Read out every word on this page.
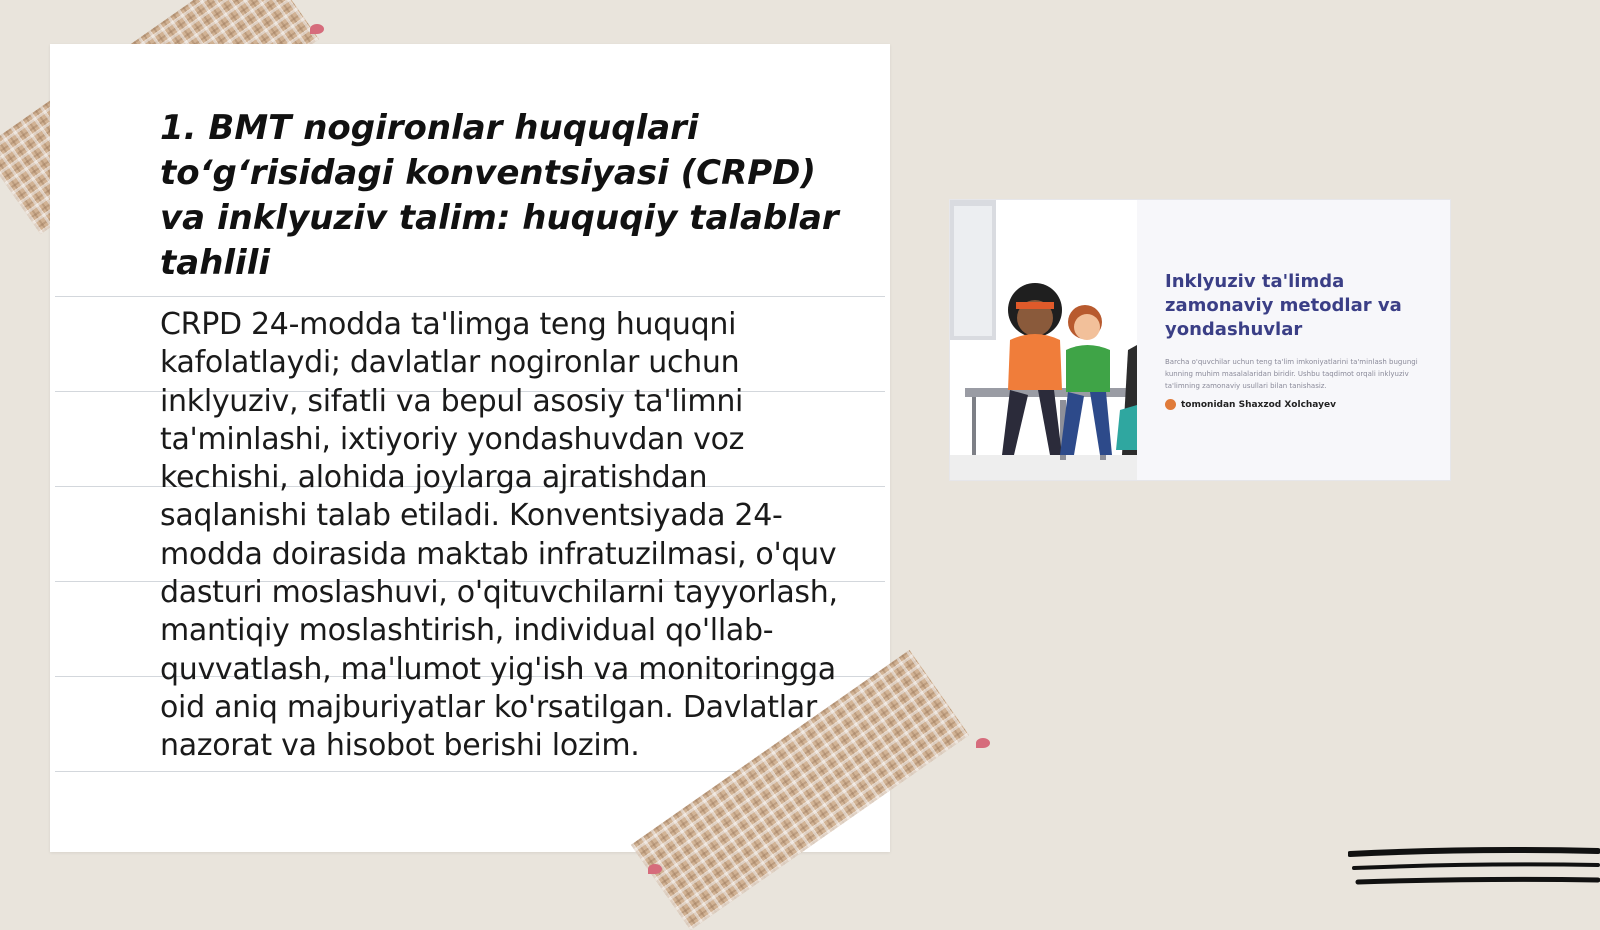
1. BMT nogironlar huquqlari to‘g‘risidagi konventsiyasi (CRPD) va inklyuziv talim: huquqiy talablar tahlili

CRPD 24-modda ta'limga teng huquqni kafolatlaydi; davlatlar nogironlar uchun inklyuziv, sifatli va bepul asosiy ta'limni ta'minlashi, ixtiyoriy yondashuvdan voz kechishi, alohida joylarga ajratishdan saqlanishi talab etiladi. Konventsiyada 24-modda doirasida maktab infratuzilmasi, o'quv dasturi moslashuvi, o'qituvchilarni tayyorlash, mantiqiy moslashtirish, individual qo'llab-quvvatlash, ma'lumot yig'ish va monitoringga oid aniq majburiyatlar ko'rsatilgan. Davlatlar nazorat va hisobot berishi lozim.

Inklyuziv ta'limda zamonaviy metodlar va yondashuvlar

Barcha o'quvchilar uchun teng ta'lim imkoniyatlarini ta'minlash bugungi kunning muhim masalalaridan biridir. Ushbu taqdimot orqali inklyuziv ta'limning zamonaviy usullari bilan tanishasiz.

tomonidan Shaxzod Xolchayev
